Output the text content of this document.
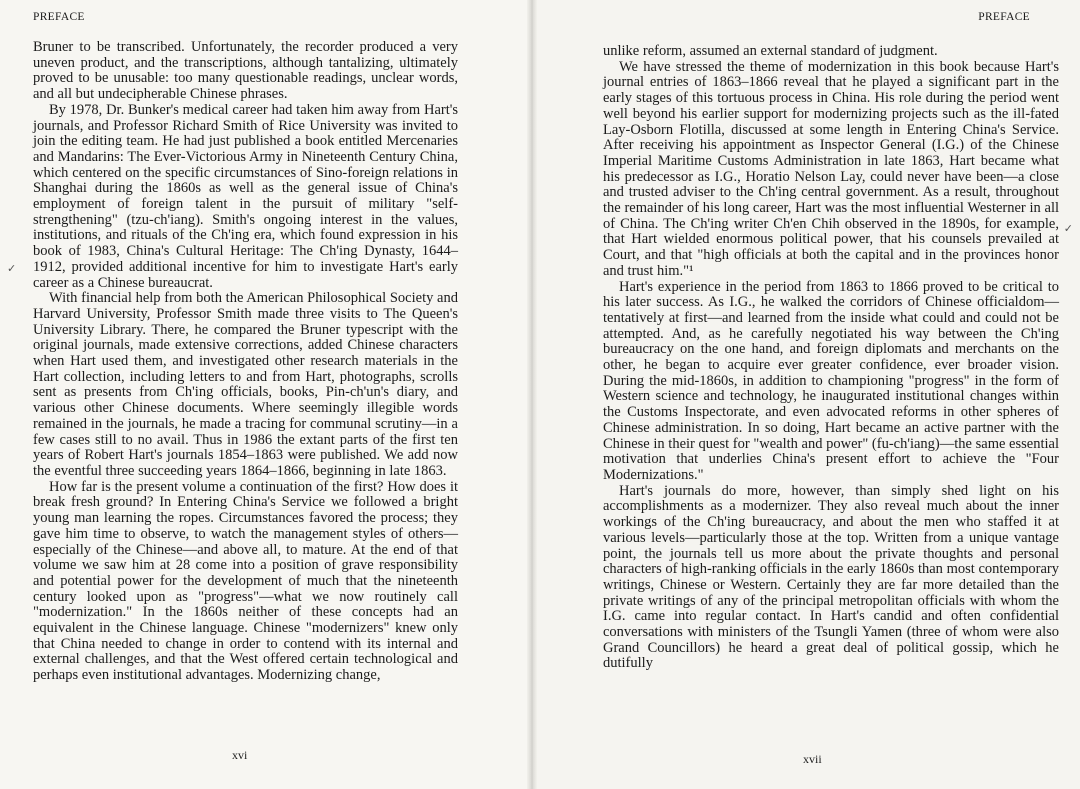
PREFACE
✓

Bruner to be transcribed. Unfortunately, the recorder produced a very uneven product, and the transcriptions, although tantalizing, ultimately proved to be unusable: too many questionable readings, unclear words, and all but undecipherable Chinese phrases.

By 1978, Dr. Bunker's medical career had taken him away from Hart's journals, and Professor Richard Smith of Rice University was invited to join the editing team. He had just published a book entitled Mercenaries and Mandarins: The Ever-Victorious Army in Nineteenth Century China, which centered on the specific circumstances of Sino-foreign relations in Shanghai during the 1860s as well as the general issue of China's employment of foreign talent in the pursuit of military "self-strengthening" (tzu-ch'iang). Smith's ongoing interest in the values, institutions, and rituals of the Ch'ing era, which found expression in his book of 1983, China's Cultural Heritage: The Ch'ing Dynasty, 1644–1912, provided additional incentive for him to investigate Hart's early career as a Chinese bureaucrat.

With financial help from both the American Philosophical Society and Harvard University, Professor Smith made three visits to The Queen's University Library. There, he compared the Bruner typescript with the original journals, made extensive corrections, added Chinese characters when Hart used them, and investigated other research materials in the Hart collection, including letters to and from Hart, photographs, scrolls sent as presents from Ch'ing officials, books, Pin-ch'un's diary, and various other Chinese documents. Where seemingly illegible words remained in the journals, he made a tracing for communal scrutiny—in a few cases still to no avail. Thus in 1986 the extant parts of the first ten years of Robert Hart's journals 1854–1863 were published. We add now the eventful three succeeding years 1864–1866, beginning in late 1863.

How far is the present volume a continuation of the first? How does it break fresh ground? In Entering China's Service we followed a bright young man learning the ropes. Circumstances favored the process; they gave him time to observe, to watch the management styles of others—especially of the Chinese—and above all, to mature. At the end of that volume we saw him at 28 come into a position of grave responsibility and potential power for the development of much that the nineteenth century looked upon as "progress"—what we now routinely call "modernization." In the 1860s neither of these concepts had an equivalent in the Chinese language. Chinese "modernizers" knew only that China needed to change in order to contend with its internal and external challenges, and that the West offered certain technological and perhaps even institutional advantages. Modernizing change,

xvi
PREFACE
✓

unlike reform, assumed an external standard of judgment.

We have stressed the theme of modernization in this book because Hart's journal entries of 1863–1866 reveal that he played a significant part in the early stages of this tortuous process in China. His role during the period went well beyond his earlier support for modernizing projects such as the ill-fated Lay-Osborn Flotilla, discussed at some length in Entering China's Service. After receiving his appointment as Inspector General (I.G.) of the Chinese Imperial Maritime Customs Administration in late 1863, Hart became what his predecessor as I.G., Horatio Nelson Lay, could never have been—a close and trusted adviser to the Ch'ing central government. As a result, throughout the remainder of his long career, Hart was the most influential Westerner in all of China. The Ch'ing writer Ch'en Chih observed in the 1890s, for example, that Hart wielded enormous political power, that his counsels prevailed at Court, and that "high officials at both the capital and in the provinces honor and trust him."¹

Hart's experience in the period from 1863 to 1866 proved to be critical to his later success. As I.G., he walked the corridors of Chinese officialdom—tentatively at first—and learned from the inside what could and could not be attempted. And, as he carefully negotiated his way between the Ch'ing bureaucracy on the one hand, and foreign diplomats and merchants on the other, he began to acquire ever greater confidence, ever broader vision. During the mid-1860s, in addition to championing "progress" in the form of Western science and technology, he inaugurated institutional changes within the Customs Inspectorate, and even advocated reforms in other spheres of Chinese administration. In so doing, Hart became an active partner with the Chinese in their quest for "wealth and power" (fu-ch'iang)—the same essential motivation that underlies China's present effort to achieve the "Four Modernizations."

Hart's journals do more, however, than simply shed light on his accomplishments as a modernizer. They also reveal much about the inner workings of the Ch'ing bureaucracy, and about the men who staffed it at various levels—particularly those at the top. Written from a unique vantage point, the journals tell us more about the private thoughts and personal characters of high-ranking officials in the early 1860s than most contemporary writings, Chinese or Western. Certainly they are far more detailed than the private writings of any of the principal metropolitan officials with whom the I.G. came into regular contact. In Hart's candid and often confidential conversations with ministers of the Tsungli Yamen (three of whom were also Grand Councillors) he heard a great deal of political gossip, which he dutifully

xvii
